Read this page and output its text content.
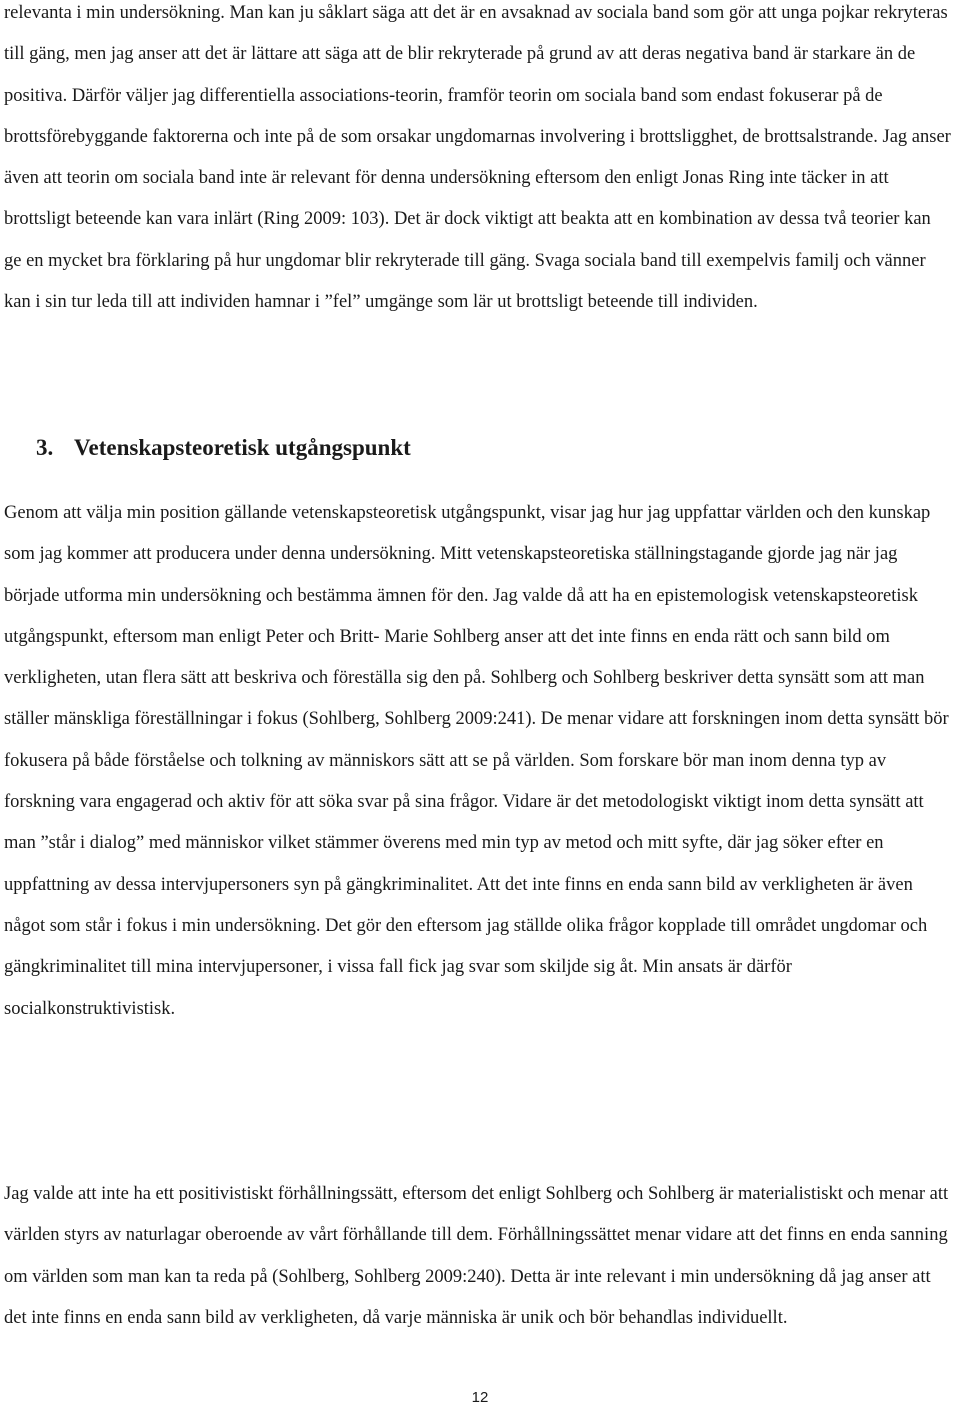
relevanta i min undersökning. Man kan ju såklart säga att det är en avsaknad av sociala band som gör att unga pojkar rekryteras till gäng, men jag anser att det är lättare att säga att de blir rekryterade på grund av att deras negativa band är starkare än de positiva. Därför väljer jag differentiella associations-teorin, framför teorin om sociala band som endast fokuserar på de brottsförebyggande faktorerna och inte på de som orsakar ungdomarnas involvering i brottsligghet, de brottsalstrande. Jag anser även att teorin om sociala band inte är relevant för denna undersökning eftersom den enligt Jonas Ring inte täcker in att brottsligt beteende kan vara inlärt (Ring 2009: 103). Det är dock viktigt att beakta att en kombination av dessa två teorier kan ge en mycket bra förklaring på hur ungdomar blir rekryterade till gäng. Svaga sociala band till exempelvis familj och vänner kan i sin tur leda till att individen hamnar i ”fel” umgänge som lär ut brottsligt beteende till individen.

3. Vetenskapsteoretisk utgångspunkt

Genom att välja min position gällande vetenskapsteoretisk utgångspunkt, visar jag hur jag uppfattar världen och den kunskap som jag kommer att producera under denna undersökning. Mitt vetenskapsteoretiska ställningstagande gjorde jag när jag började utforma min undersökning och bestämma ämnen för den. Jag valde då att ha en epistemologisk vetenskapsteoretisk utgångspunkt, eftersom man enligt Peter och Britt- Marie Sohlberg anser att det inte finns en enda rätt och sann bild om verkligheten, utan flera sätt att beskriva och föreställa sig den på. Sohlberg och Sohlberg beskriver detta synsätt som att man ställer mänskliga föreställningar i fokus (Sohlberg, Sohlberg 2009:241). De menar vidare att forskningen inom detta synsätt bör fokusera på både förståelse och tolkning av människors sätt att se på världen. Som forskare bör man inom denna typ av forskning vara engagerad och aktiv för att söka svar på sina frågor. Vidare är det metodologiskt viktigt inom detta synsätt att man ”står i dialog” med människor vilket stämmer överens med min typ av metod och mitt syfte, där jag söker efter en uppfattning av dessa intervjupersoners syn på gängkriminalitet. Att det inte finns en enda sann bild av verkligheten är även något som står i fokus i min undersökning. Det gör den eftersom jag ställde olika frågor kopplade till området ungdomar och gängkriminalitet till mina intervjupersoner, i vissa fall fick jag svar som skiljde sig åt. Min ansats är därför socialkonstruktivistisk.

Jag valde att inte ha ett positivistiskt förhållningssätt, eftersom det enligt Sohlberg och Sohlberg är materialistiskt och menar att världen styrs av naturlagar oberoende av vårt förhållande till dem. Förhållningssättet menar vidare att det finns en enda sanning om världen som man kan ta reda på (Sohlberg, Sohlberg 2009:240). Detta är inte relevant i min undersökning då jag anser att det inte finns en enda sann bild av verkligheten, då varje människa är unik och bör behandlas individuellt.

12
